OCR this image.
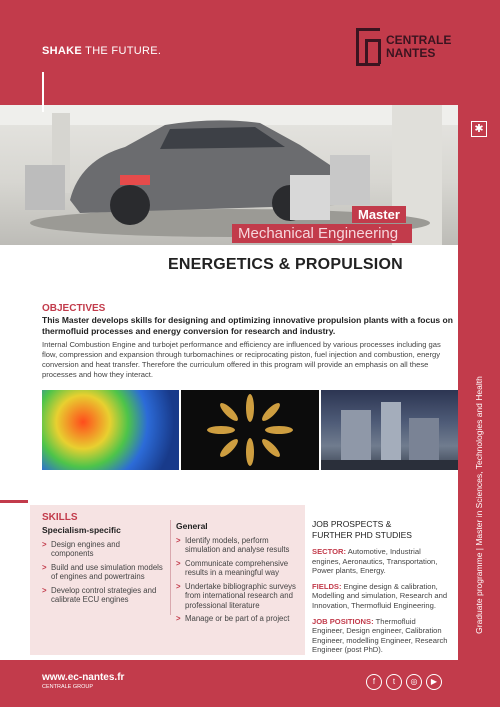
SHAKE THE FUTURE.
CENTRALE
NANTES
Master
Mechanical Engineering
✱
Graduate programme | Master in Sciences, Technologies and Health
ENERGETICS & PROPULSION
OBJECTIVES
This Master develops skills for designing and optimizing innovative propulsion plants with a focus on thermofluid processes and energy conversion for research and industry.
Internal Combustion Engine and turbojet performance and efficiency are influenced by various processes including gas flow, compression and expansion through turbomachines or reciprocating piston, fuel injection and combustion, energy conversion and heat transfer. Therefore the curriculum offered in this program will provide an emphasis on all these processes and how they interact.
SKILLS
Specialism-specific
> Design engines and components
> Build and use simulation models of engines and powertrains
> Develop control strategies and calibrate ECU engines
General
> Identify models, perform simulation and analyse results
> Communicate comprehensive results in a meaningful way
> Undertake bibliographic surveys from international research and professional literature
> Manage or be part of a project
JOB PROSPECTS &
FURTHER PHD STUDIES

SECTOR: Automotive, Industrial engines, Aeronautics, Transportation, Power plants, Energy.

FIELDS: Engine design & calibration, Modelling and simulation, Research and Innovation, Thermofluid Engineering.

JOB POSITIONS: Thermofluid Engineer, Design engineer, Calibration Engineer, modelling Engineer, Research Engineer (post PhD).

www.ec-nantes.fr
CENTRALE GROUP
f	t	◎	▶
